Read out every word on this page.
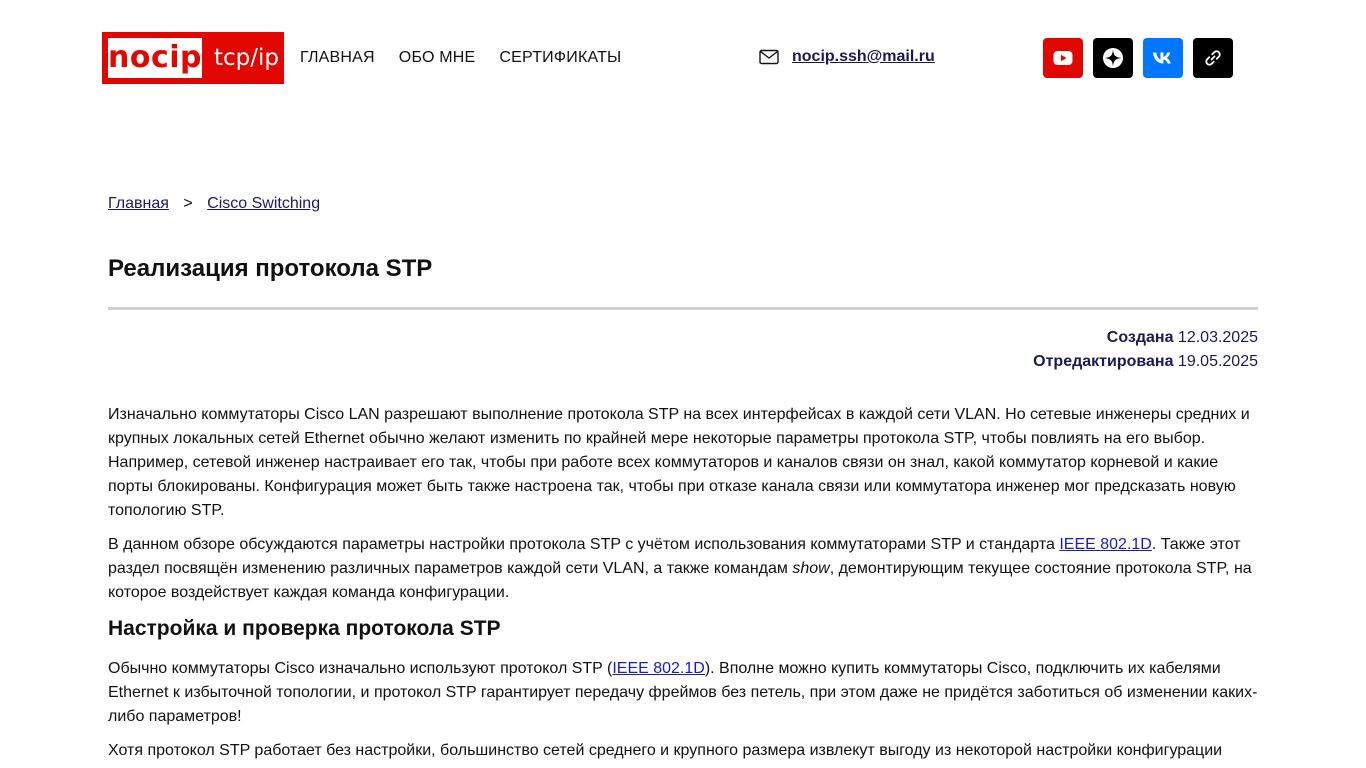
nocip tcp/ip ГЛАВНАЯ ОБО МНЕ СЕРТИФИКАТЫ	nocip.ssh@mail.ru
Главная > Cisco Switching
Реализация протокола STP
Создана 12.03.2025
Отредактирована 19.05.2025

Изначально коммутаторы Cisco LAN разрешают выполнение протокола STP на всех интерфейсах в каждой сети VLAN. Но сетевые инженеры средних и крупных локальных сетей Ethernet обычно желают изменить по крайней мере некоторые параметры протокола STP, чтобы повлиять на его выбор. Например, сетевой инженер настраивает его так, чтобы при работе всех коммутаторов и каналов связи он знал, какой коммутатор корневой и какие порты блокированы. Конфигурация может быть также настроена так, чтобы при отказе канала связи или коммутатора инженер мог предсказать новую топологию STP.

В данном обзоре обсуждаются параметры настройки протокола STP с учётом использования коммутаторами STP и стандарта IEEE 802.1D. Также этот раздел посвящён изменению различных параметров каждой сети VLAN, а также командам show, демонтирующим текущее состояние протокола STP, на которое воздействует каждая команда конфигурации.

Настройка и проверка протокола STP

Обычно коммутаторы Cisco изначально используют протокол STP (IEEE 802.1D). Вполне можно купить коммутаторы Cisco, подключить их кабелями Ethernet к избыточной топологии, и протокол STP гарантирует передачу фреймов без петель, при этом даже не придётся заботиться об изменении каких-либо параметров!

Хотя протокол STP работает без настройки, большинство сетей среднего и крупного размера извлекут выгоду из некоторой настройки конфигурации
